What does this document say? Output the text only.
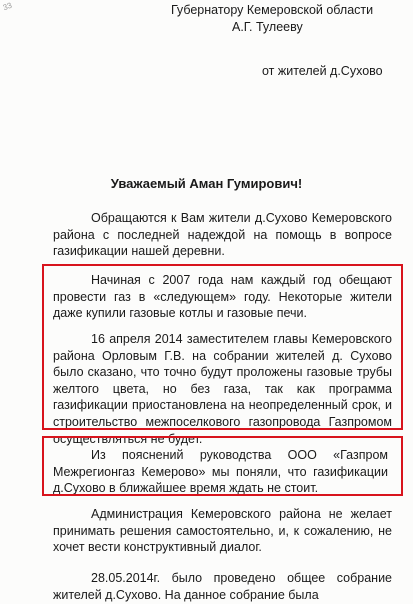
33	Губернатору Кемеровской области
А.Г. Тулееву
от жителей д.Сухово
Уважаемый Аман Гумирович!
Обращаются к Вам жители д.Сухово Кемеровского района с последней надеждой на помощь в вопросе газификации нашей деревни.
Начиная с 2007 года нам каждый год обещают провести газ в «следующем» году. Некоторые жители даже купили газовые котлы и газовые печи.
16 апреля 2014 заместителем главы Кемеровского района Орловым Г.В. на собрании жителей д. Сухово было сказано, что точно будут проложены газовые трубы желтого цвета, но без газа, так как программа газификации приостановлена на неопределенный срок, и строительство межпоселкового газопровода Газпромом осуществляться не будет.
Из пояснений руководства ООО «Газпром Межрегионгаз Кемерово» мы поняли, что газификации д.Сухово в ближайшее время ждать не стоит.
Администрация Кемеровского района не желает принимать решения самостоятельно, и, к сожалению, не хочет вести конструктивный диалог.
28.05.2014г. было проведено общее собрание жителей д.Сухово. На данное собрание была
